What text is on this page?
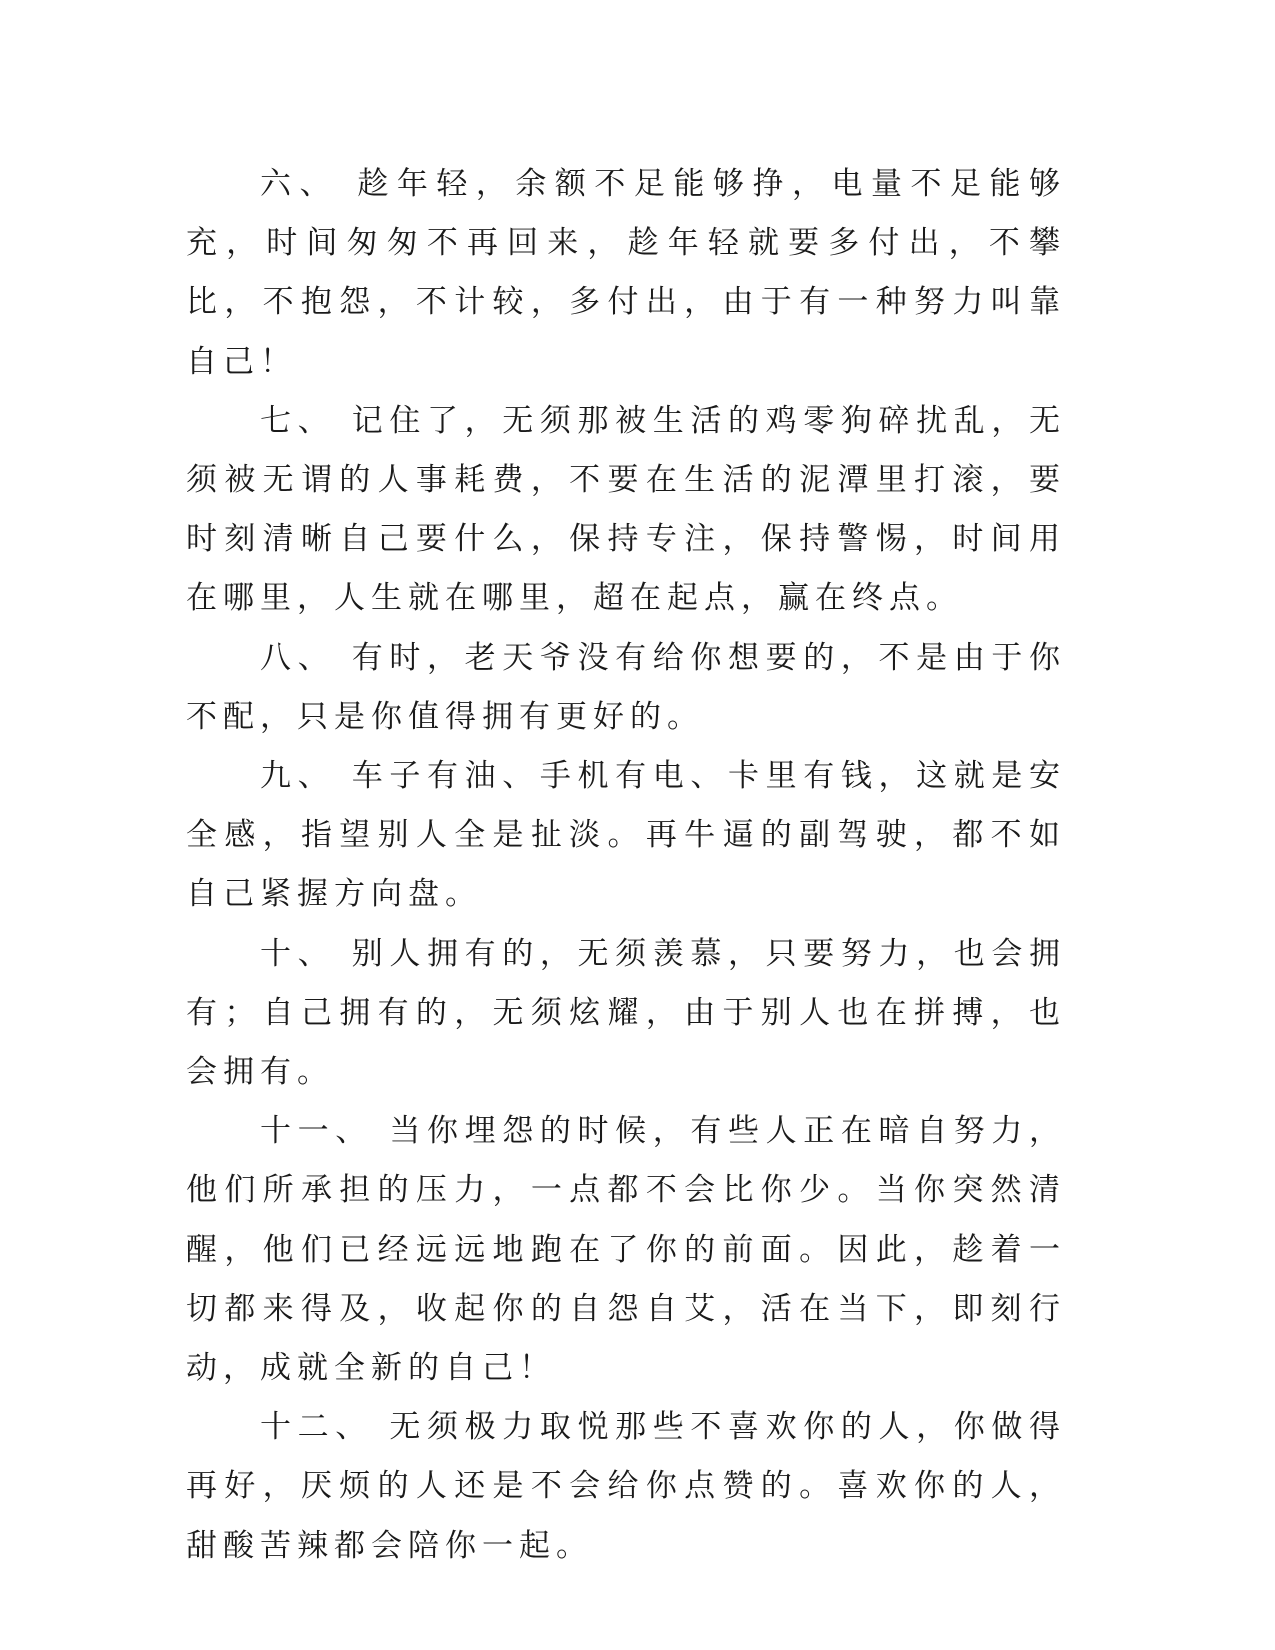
六、 趁年轻，余额不足能够挣，电量不足能够充，时间匆匆不再回来，趁年轻就要多付出，不攀比，不抱怨，不计较，多付出，由于有一种努力叫靠自己！

七、 记住了，无须那被生活的鸡零狗碎扰乱，无须被无谓的人事耗费，不要在生活的泥潭里打滚，要时刻清晰自己要什么，保持专注，保持警惕，时间用在哪里，人生就在哪里，超在起点，赢在终点。

八、 有时，老天爷没有给你想要的，不是由于你不配，只是你值得拥有更好的。

九、 车子有油、手机有电、卡里有钱，这就是安全感，指望别人全是扯淡。再牛逼的副驾驶，都不如自己紧握方向盘。

十、 别人拥有的，无须羡慕，只要努力，也会拥有；自己拥有的，无须炫耀，由于别人也在拼搏，也会拥有。

十一、 当你埋怨的时候，有些人正在暗自努力，他们所承担的压力，一点都不会比你少。当你突然清醒，他们已经远远地跑在了你的前面。因此，趁着一切都来得及，收起你的自怨自艾，活在当下，即刻行动，成就全新的自己！

十二、 无须极力取悦那些不喜欢你的人，你做得再好，厌烦的人还是不会给你点赞的。喜欢你的人，甜酸苦辣都会陪你一起。
